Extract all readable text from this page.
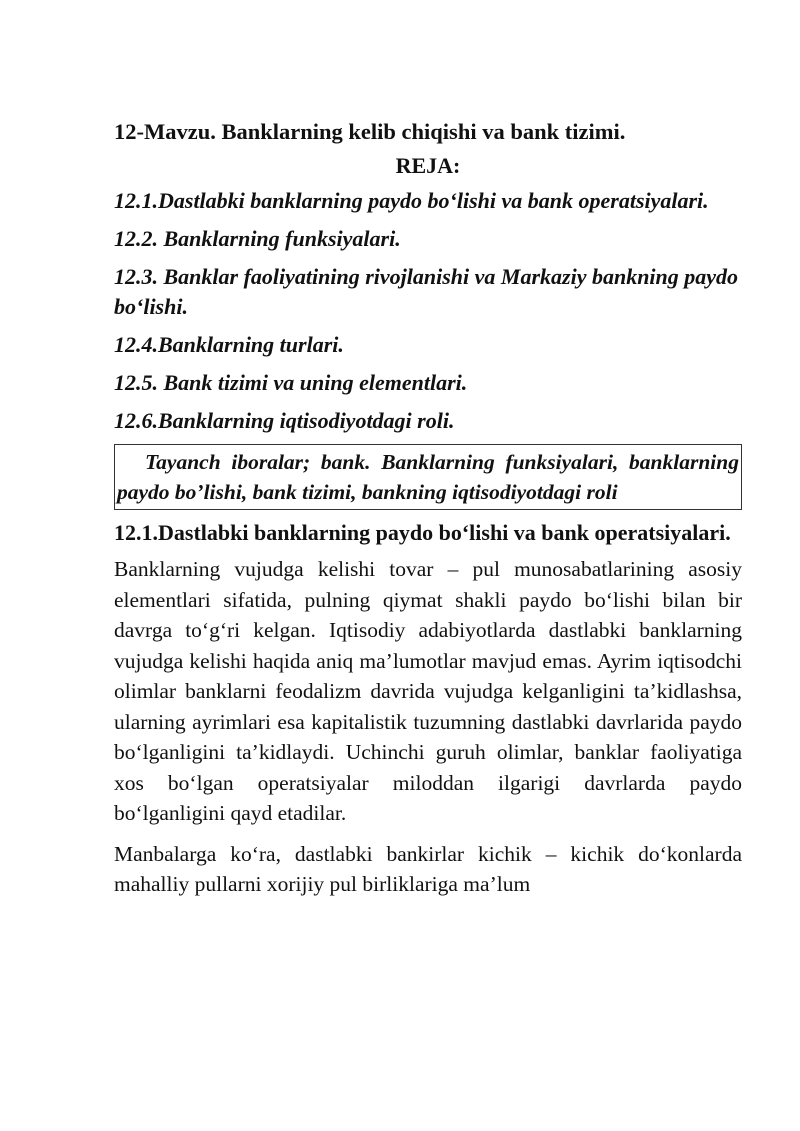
12-Mavzu. Banklarning kelib chiqishi va bank tizimi.
REJA:
12.1.Dastlabki banklarning paydo bo‘lishi va bank operatsiyalari.
12.2. Banklarning funksiyalari.
12.3. Banklar faoliyatining rivojlanishi va Markaziy bankning paydo bo‘lishi.
12.4.Banklarning turlari.
12.5. Bank tizimi va uning elementlari.
12.6.Banklarning iqtisodiyotdagi roli.
Tayanch iboralar; bank. Banklarning funksiyalari, banklarning paydo bo’lishi, bank tizimi, bankning iqtisodiyotdagi roli
12.1.Dastlabki banklarning paydo bo‘lishi va bank operatsiyalari.

Banklarning vujudga kelishi tovar – pul munosabatlarining asosiy elementlari sifatida, pulning qiymat shakli paydo bo‘lishi bilan bir davrga to‘g‘ri kelgan. Iqtisodiy adabiyotlarda dastlabki banklarning vujudga kelishi haqida aniq ma’lumotlar mavjud emas. Ayrim iqtisodchi olimlar banklarni feodalizm davrida vujudga kelganligini ta’kidlashsa, ularning ayrimlari esa kapitalistik tuzumning dastlabki davrlarida paydo bo‘lganligini ta’kidlaydi. Uchinchi guruh olimlar, banklar faoliyatiga xos bo‘lgan operatsiyalar miloddan ilgarigi davrlarda paydo bo‘lganligini qayd etadilar.

Manbalarga ko‘ra, dastlabki bankirlar kichik – kichik do‘konlarda mahalliy pullarni xorijiy pul birliklariga ma’lum
